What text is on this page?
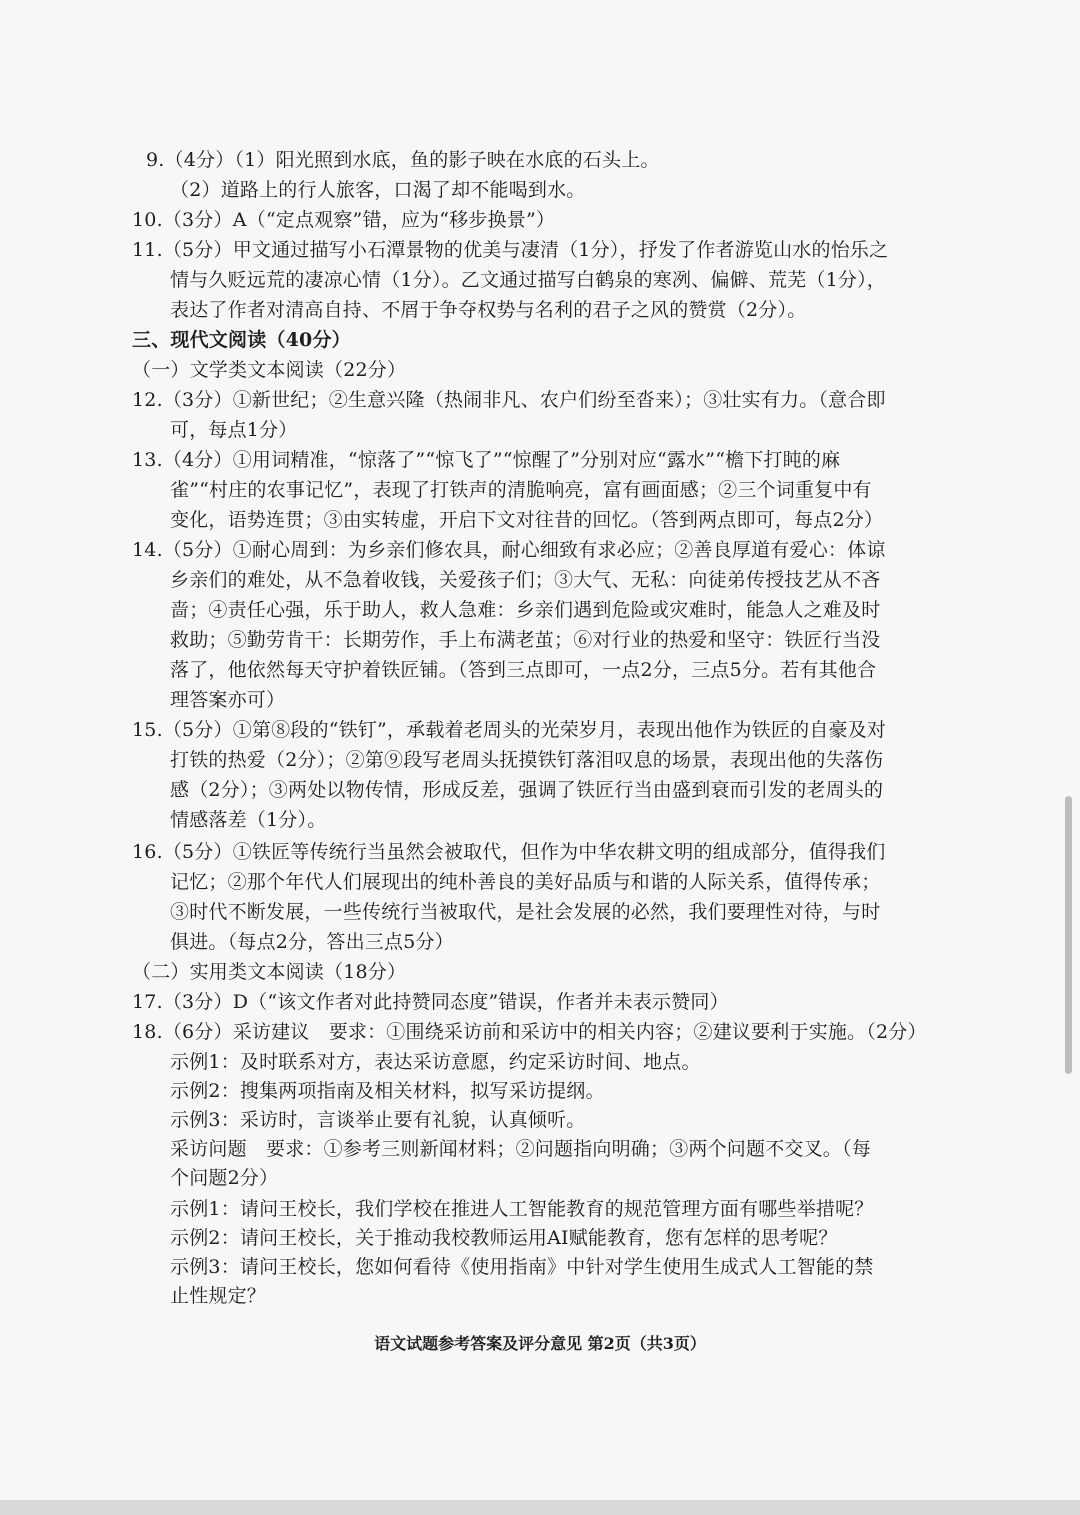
9.（4分）（1）阳光照到水底，鱼的影子映在水底的石头上。
（2）道路上的行人旅客，口渴了却不能喝到水。
10.（3分）A（“定点观察”错，应为“移步换景”）
11.（5分）甲文通过描写小石潭景物的优美与凄清（1分），抒发了作者游览山水的怡乐之
情与久贬远荒的凄凉心情（1分）。乙文通过描写白鹤泉的寒冽、偏僻、荒芜（1分），
表达了作者对清高自持、不屑于争夺权势与名利的君子之风的赞赏（2分）。
三、现代文阅读（40分）
（一）文学类文本阅读（22分）
12.（3分）①新世纪；②生意兴隆（热闹非凡、农户们纷至沓来）；③壮实有力。（意合即
可，每点1分）
13.（4分）①用词精准，“惊落了”“惊飞了”“惊醒了”分别对应“露水”“檐下打盹的麻
雀”“村庄的农事记忆”，表现了打铁声的清脆响亮，富有画面感；②三个词重复中有
变化，语势连贯；③由实转虚，开启下文对往昔的回忆。（答到两点即可，每点2分）
14.（5分）①耐心周到：为乡亲们修农具，耐心细致有求必应；②善良厚道有爱心：体谅
乡亲们的难处，从不急着收钱，关爱孩子们；③大气、无私：向徒弟传授技艺从不吝
啬；④责任心强，乐于助人，救人急难：乡亲们遇到危险或灾难时，能急人之难及时
救助；⑤勤劳肯干：长期劳作，手上布满老茧；⑥对行业的热爱和坚守：铁匠行当没
落了，他依然每天守护着铁匠铺。（答到三点即可，一点2分，三点5分。若有其他合
理答案亦可）
15.（5分）①第⑧段的“铁钉”，承载着老周头的光荣岁月，表现出他作为铁匠的自豪及对
打铁的热爱（2分）；②第⑨段写老周头抚摸铁钉落泪叹息的场景，表现出他的失落伤
感（2分）；③两处以物传情，形成反差，强调了铁匠行当由盛到衰而引发的老周头的
情感落差（1分）。
16.（5分）①铁匠等传统行当虽然会被取代，但作为中华农耕文明的组成部分，值得我们
记忆；②那个年代人们展现出的纯朴善良的美好品质与和谐的人际关系，值得传承；
③时代不断发展，一些传统行当被取代，是社会发展的必然，我们要理性对待，与时
俱进。（每点2分，答出三点5分）
（二）实用类文本阅读（18分）
17.（3分）D（“该文作者对此持赞同态度”错误，作者并未表示赞同）
18.（6分）采访建议　要求：①围绕采访前和采访中的相关内容；②建议要利于实施。（2分）
示例1：及时联系对方，表达采访意愿，约定采访时间、地点。
示例2：搜集两项指南及相关材料，拟写采访提纲。
示例3：采访时，言谈举止要有礼貌，认真倾听。
采访问题　要求：①参考三则新闻材料；②问题指向明确；③两个问题不交叉。（每
个问题2分）
示例1：请问王校长，我们学校在推进人工智能教育的规范管理方面有哪些举措呢？
示例2：请问王校长，关于推动我校教师运用AI赋能教育，您有怎样的思考呢？
示例3：请问王校长，您如何看待《使用指南》中针对学生使用生成式人工智能的禁
止性规定？
语文试题参考答案及评分意见 第2页（共3页）
